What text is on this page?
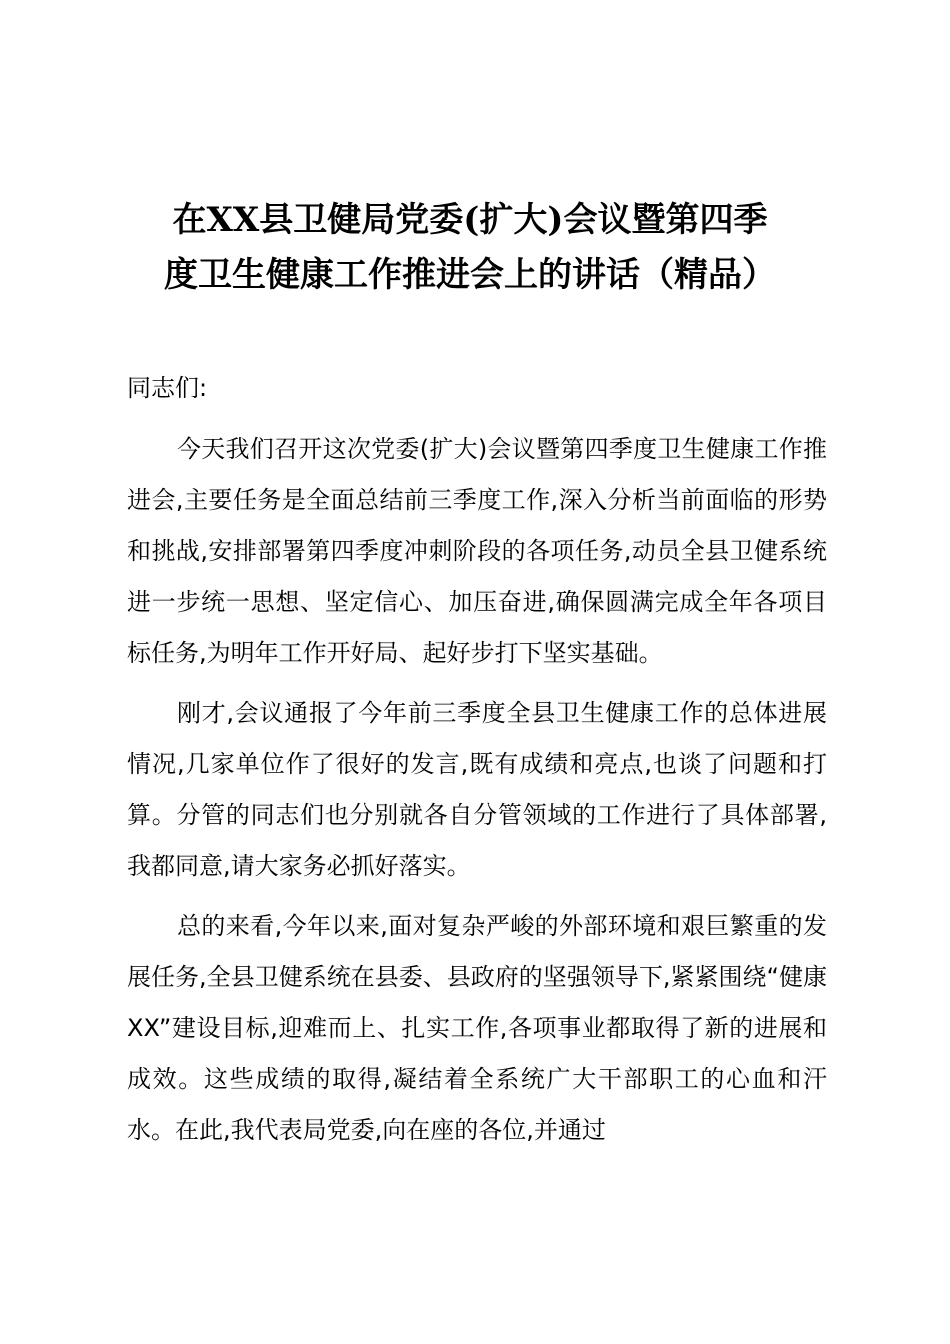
在XX县卫健局党委(扩大)会议暨第四季
度卫生健康工作推进会上的讲话（精品）

同志们:

今天我们召开这次党委(扩大)会议暨第四季度卫生健康工作推进会,主要任务是全面总结前三季度工作,深入分析当前面临的形势和挑战,安排部署第四季度冲刺阶段的各项任务,动员全县卫健系统进一步统一思想、坚定信心、加压奋进,确保圆满完成全年各项目标任务,为明年工作开好局、起好步打下坚实基础。

刚才,会议通报了今年前三季度全县卫生健康工作的总体进展情况,几家单位作了很好的发言,既有成绩和亮点,也谈了问题和打算。分管的同志们也分别就各自分管领域的工作进行了具体部署,我都同意,请大家务必抓好落实。

总的来看,今年以来,面对复杂严峻的外部环境和艰巨繁重的发展任务,全县卫健系统在县委、县政府的坚强领导下,紧紧围绕“健康XX”建设目标,迎难而上、扎实工作,各项事业都取得了新的进展和成效。这些成绩的取得,凝结着全系统广大干部职工的心血和汗水。在此,我代表局党委,向在座的各位,并通过
